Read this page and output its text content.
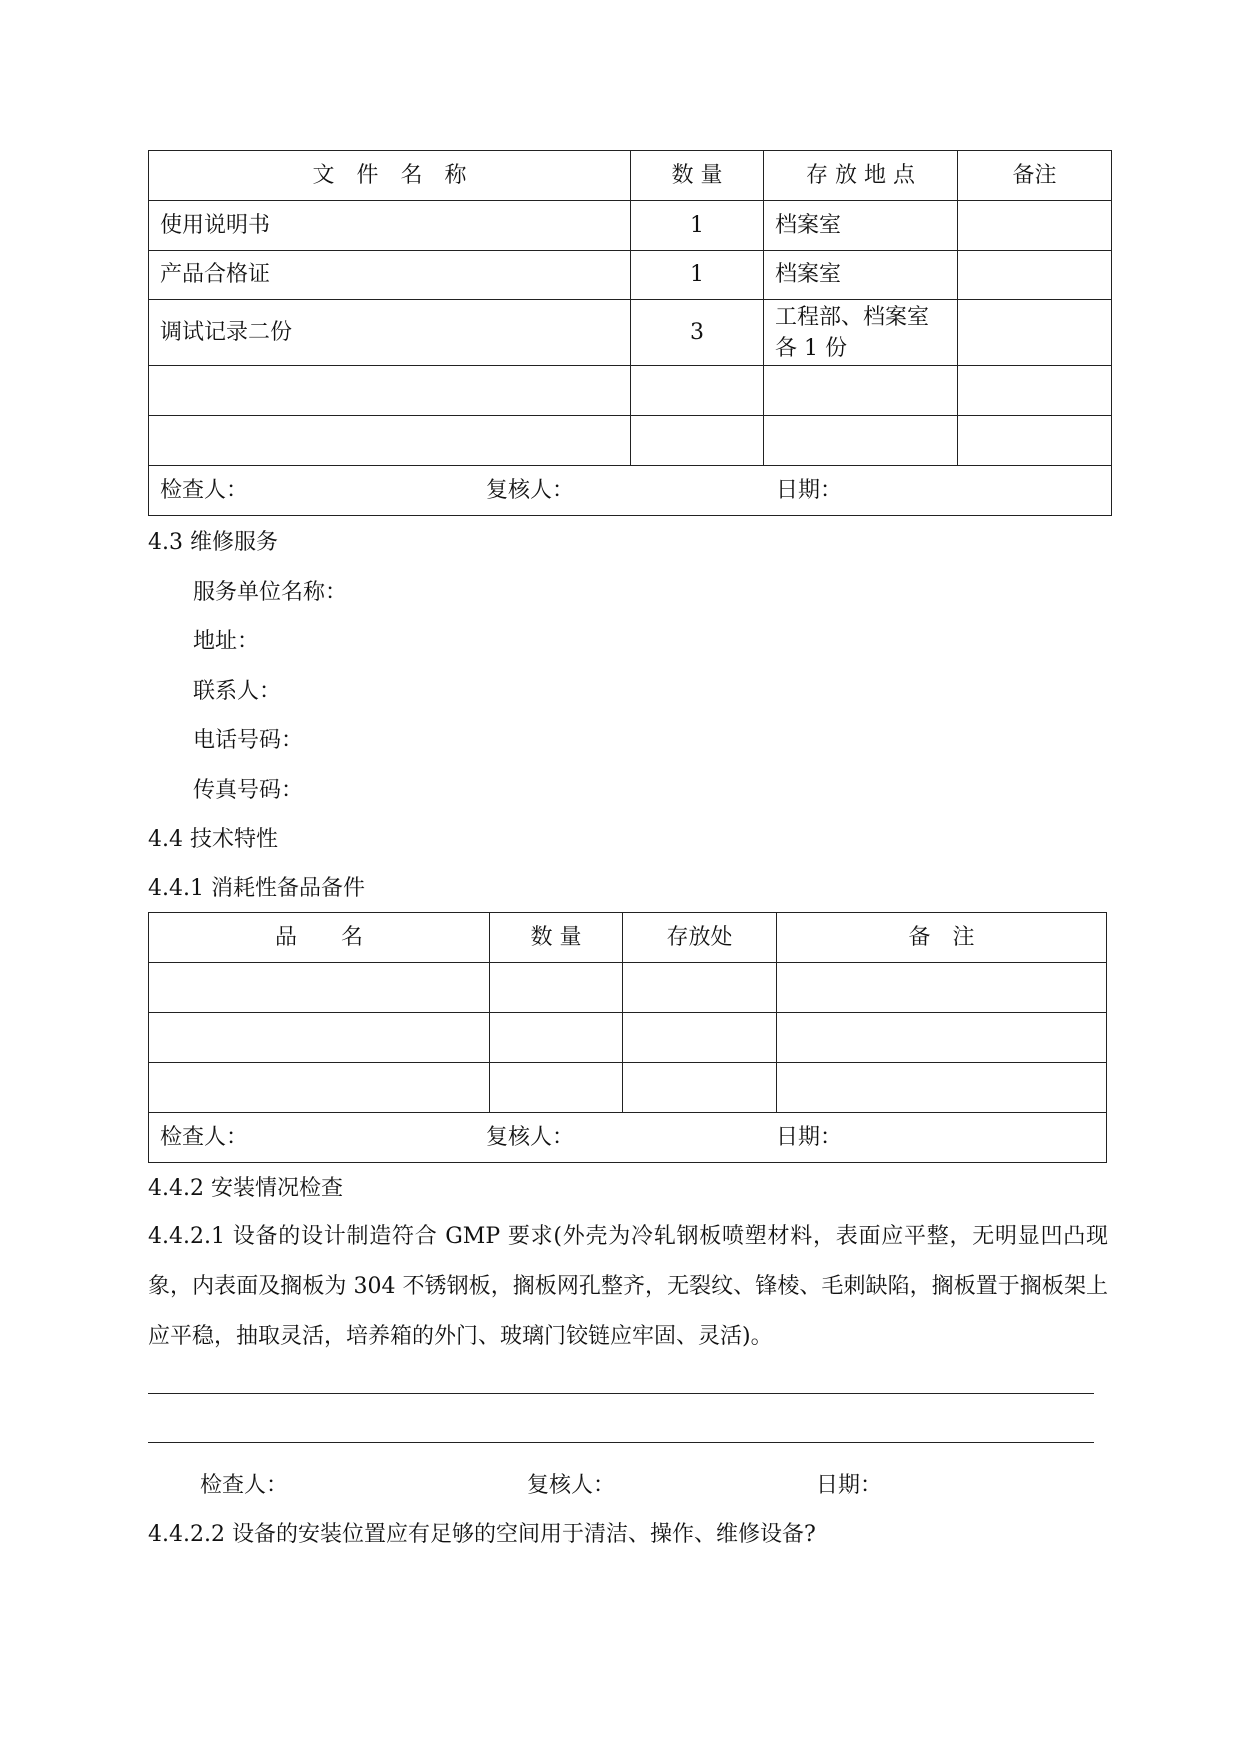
文　件　名　称	数 量	存 放 地 点	备注
使用说明书	1	档案室	
产品合格证	1	档案室	
调试记录二份	3	工程部、档案室各 1 份	

检查人： 复核人： 日期：			
4.3 维修服务
服务单位名称：
地址：
联系人：
电话号码：
传真号码：
4.4 技术特性
4.4.1 消耗性备品备件
品　　名	数 量	存放处	备　注

检查人： 复核人： 日期：			
4.4.2 安装情况检查
4.4.2.1 设备的设计制造符合 GMP 要求(外壳为冷轧钢板喷塑材料，表面应平整，无明显凹凸现象，内表面及搁板为 304 不锈钢板，搁板网孔整齐，无裂纹、锋棱、毛刺缺陷，搁板置于搁板架上应平稳，抽取灵活，培养箱的外门、玻璃门铰链应牢固、灵活)。
检查人：	复核人：	日期：
4.4.2.2 设备的安装位置应有足够的空间用于清洁、操作、维修设备?
